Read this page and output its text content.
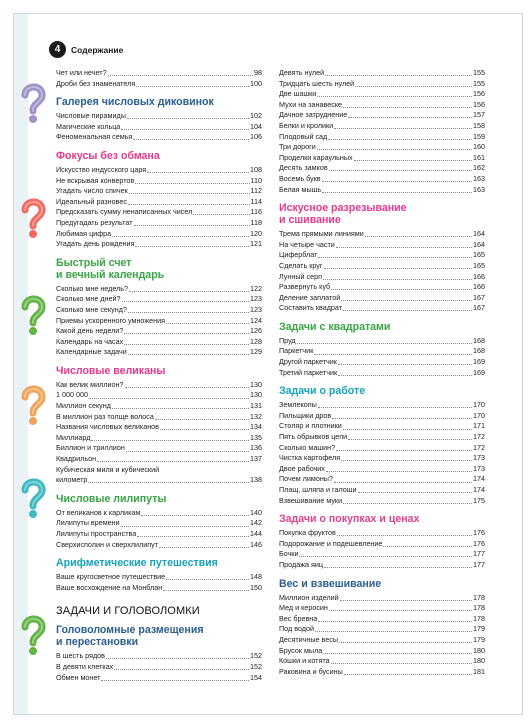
4	Содержание
Чет или нечет?	98
Дроби без знаменателя	100
Галерея числовых диковинок
Числовые пирамиды	102
Магические кольца	104
Феноменальная семья	106
Фокусы без обмана
Искусство индусского царя	108
Не вскрывая конвертов	110
Угадать число спичек	112
Идеальный разновес	114
Предсказать сумму ненаписанных чисел	116
Предугадать результат	118
Любимая цифра	120
Угадать день рождения	121
Быстрый счет
и вечный календарь
Сколько мне недель?	122
Сколько мне дней?	123
Сколько мне секунд?	123
Приемы ускоренного умножения	124
Какой день недели?	126
Календарь на часах	128
Календарные задачи	129
Числовые великаны
Как велик миллион?	130
1 000 000	130
Миллион секунд	131
В миллион раз толще волоса	132
Названия числовых великанов	134
Миллиард	135
Биллион и триллион	136
Квадрильон	137
Кубическая миля и кубический
километр	138
Числовые лилипуты
От великанов к карликам	140
Лилипуты времени	142
Лилипуты пространства	144
Сверхисполин и сверхлилипут	146
Арифметические путешествия
Ваше кругосветное путешествие	148
Ваше восхождение на Монблан	150
ЗАДАЧИ И ГОЛОВОЛОМКИ
Головоломные размещения
и перестановки
В шесть рядов	152
В девяти клетках	152
Обмен монет	154
Девять нулей	155
Тридцать шесть нулей	155
Две шашки	156
Мухи на занавеске	156
Дачное затруднение	157
Белки и кролики	158
Плодовый сад	159
Три дороги	160
Проделки караульных	161
Десять замков	162
Восемь букв	163
Белая мышь	163
Искусное разрезывание
и сшивание
Трема прямыми линиями	164
На четыре части	164
Циферблат	165
Сделать круг	165
Лунный серп	166
Развернуть куб	166
Деление заплатой	167
Составить квадрат	167
Задачи с квадратами
Пруд	168
Паркетчик	168
Другой паркетчик	169
Третий паркетчик	169
Задачи о работе
Землекопы	170
Пильщики дров	170
Столяр и плотники	171
Пять обрывков цепи	172
Сколько машин?	172
Чистка картофеля	173
Двое рабочих	173
Почем лимоны?	174
Плащ, шляпа и галоши	174
Взвешивание муки	175
Задачи о покупках и ценах
Покупка фруктов	176
Подорожание и подешевление	176
Бочки	177
Продажа яиц	177
Вес и взвешивание
Миллион изделий	178
Мед и керосин	178
Вес бревна	178
Под водой	179
Десятичные весы	179
Брусок мыла	180
Кошки и котята	180
Раковина и бусины	181
